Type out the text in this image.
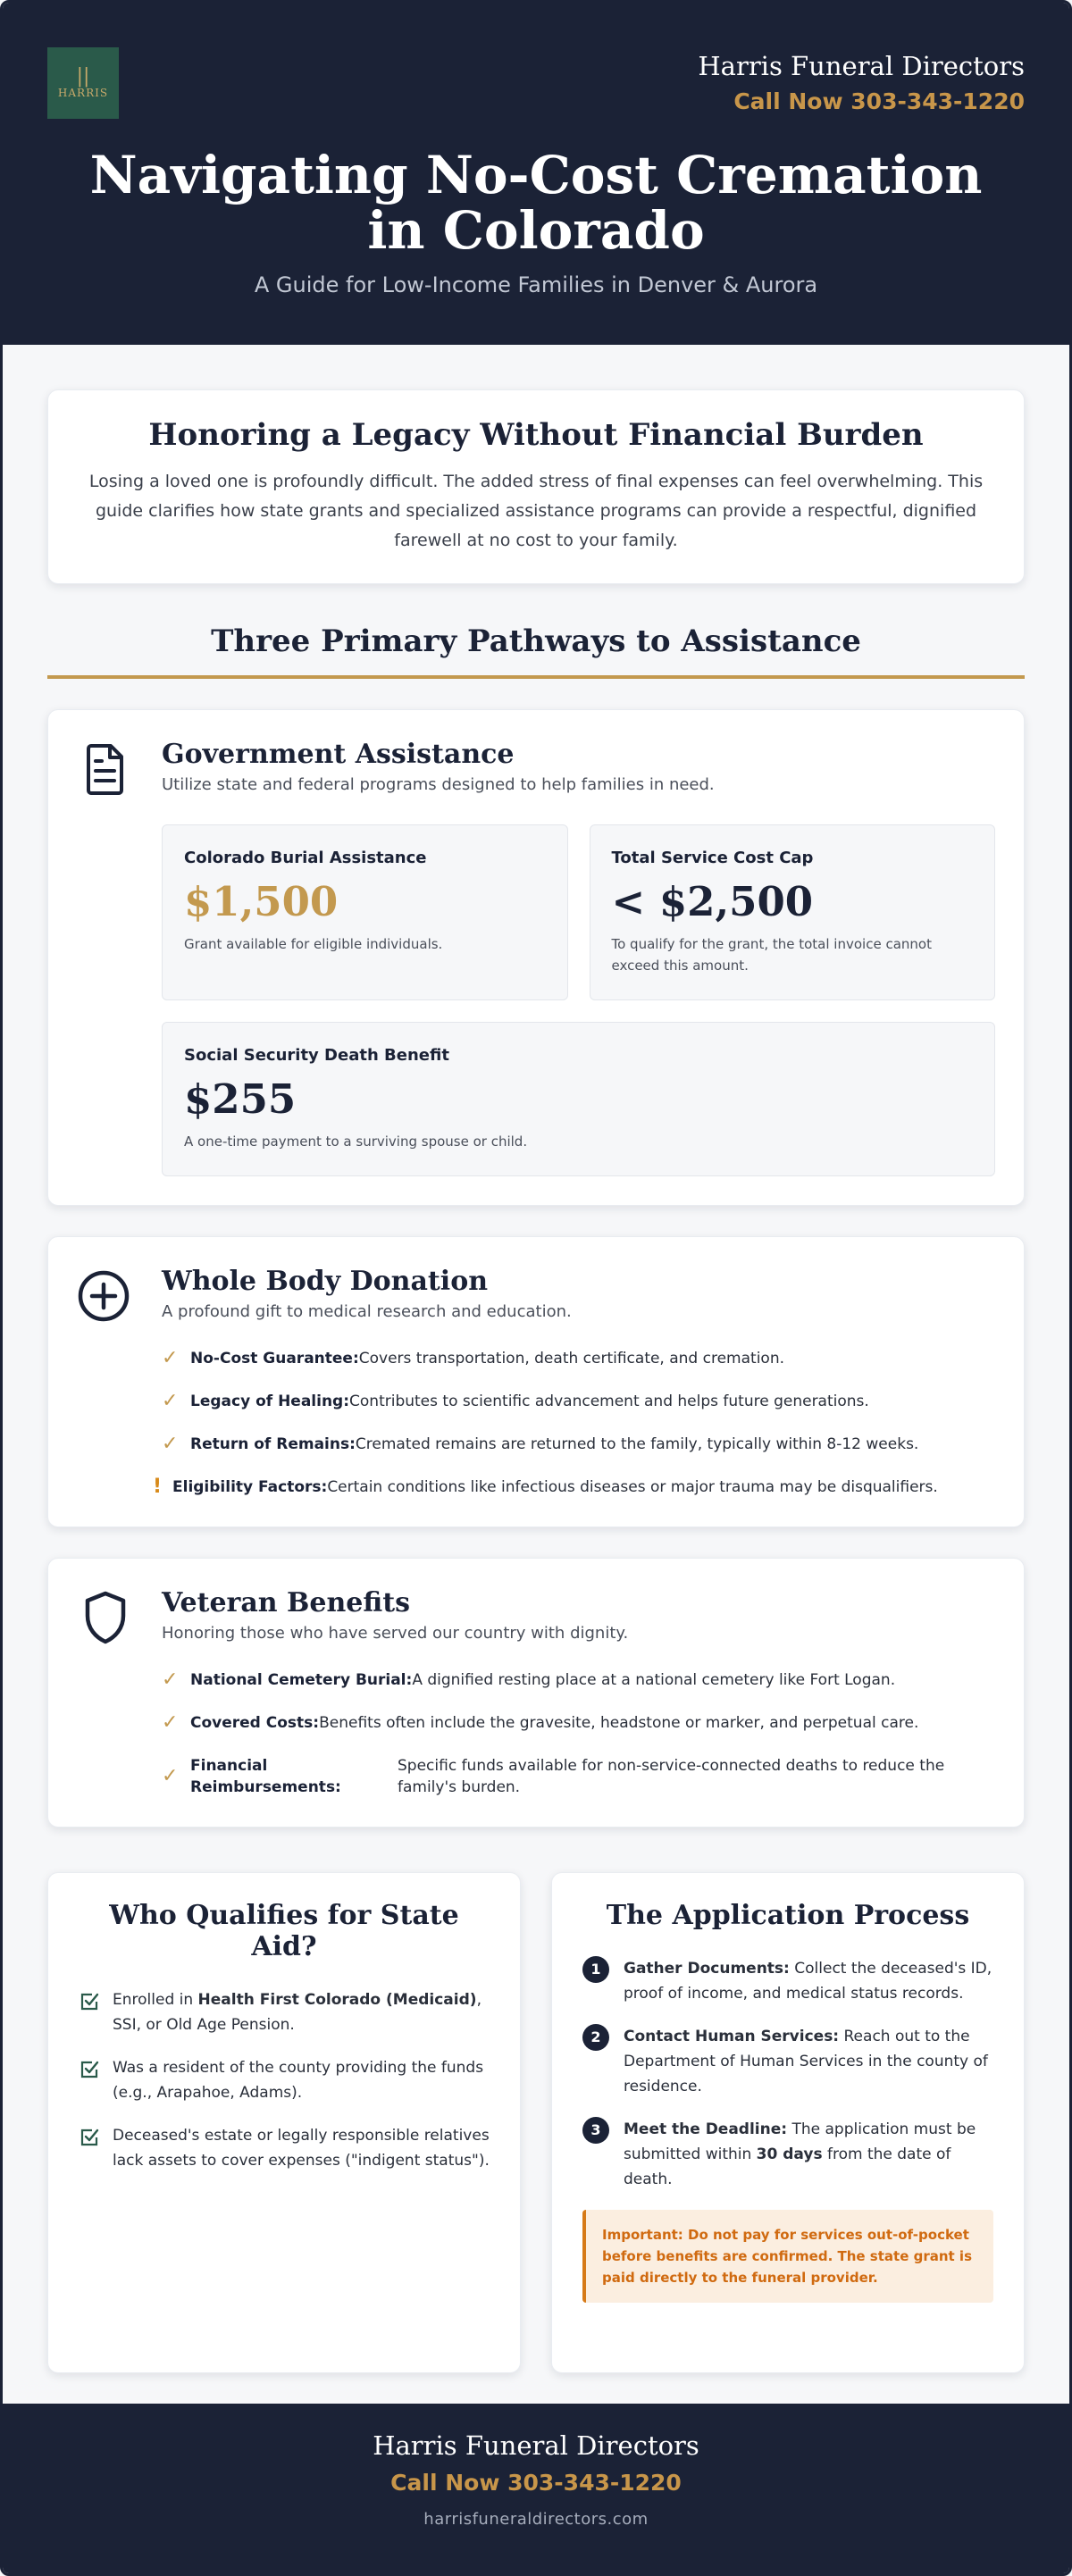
||
HARRIS
Harris Funeral Directors
Call Now 303-343-1220
Navigating No-Cost Cremation in Colorado
A Guide for Low-Income Families in Denver & Aurora
Honoring a Legacy Without Financial Burden

Losing a loved one is profoundly difficult. The added stress of final expenses can feel overwhelming. This guide clarifies how state grants and specialized assistance programs can provide a respectful, dignified farewell at no cost to your family.

Three Primary Pathways to Assistance
Government Assistance

Utilize state and federal programs designed to help families in need.

Colorado Burial Assistance
$1,500
Grant available for eligible individuals.
Total Service Cost Cap
< $2,500
To qualify for the grant, the total invoice cannot exceed this amount.
Social Security Death Benefit
$255
A one-time payment to a surviving spouse or child.
Whole Body Donation

A profound gift to medical research and education.

✓ No-Cost Guarantee:Covers transportation, death certificate, and cremation.
✓ Legacy of Healing:Contributes to scientific advancement and helps future generations.
✓ Return of Remains:Cremated remains are returned to the family, typically within 8-12 weeks.
! Eligibility Factors:Certain conditions like infectious diseases or major trauma may be disqualifiers.
Veteran Benefits

Honoring those who have served our country with dignity.

✓ National Cemetery Burial:A dignified resting place at a national cemetery like Fort Logan.
✓ Covered Costs:Benefits often include the gravesite, headstone or marker, and perpetual care.
✓ Financial Reimbursements:
Specific funds available for non-service-connected deaths to reduce the family's burden.
Who Qualifies for State Aid?
Enrolled in Health First Colorado (Medicaid), SSI, or Old Age Pension.
Was a resident of the county providing the funds (e.g., Arapahoe, Adams).
Deceased's estate or legally responsible relatives lack assets to cover expenses ("indigent status").
The Application Process
1	Gather Documents: Collect the deceased's ID, proof of income, and medical status records.
2	Contact Human Services: Reach out to the Department of Human Services in the county of residence.
3	Meet the Deadline: The application must be submitted within 30 days from the date of death.
Important: Do not pay for services out-of-pocket before benefits are confirmed. The state grant is paid directly to the funeral provider.
Harris Funeral Directors
Call Now 303-343-1220
harrisfuneraldirectors.com
